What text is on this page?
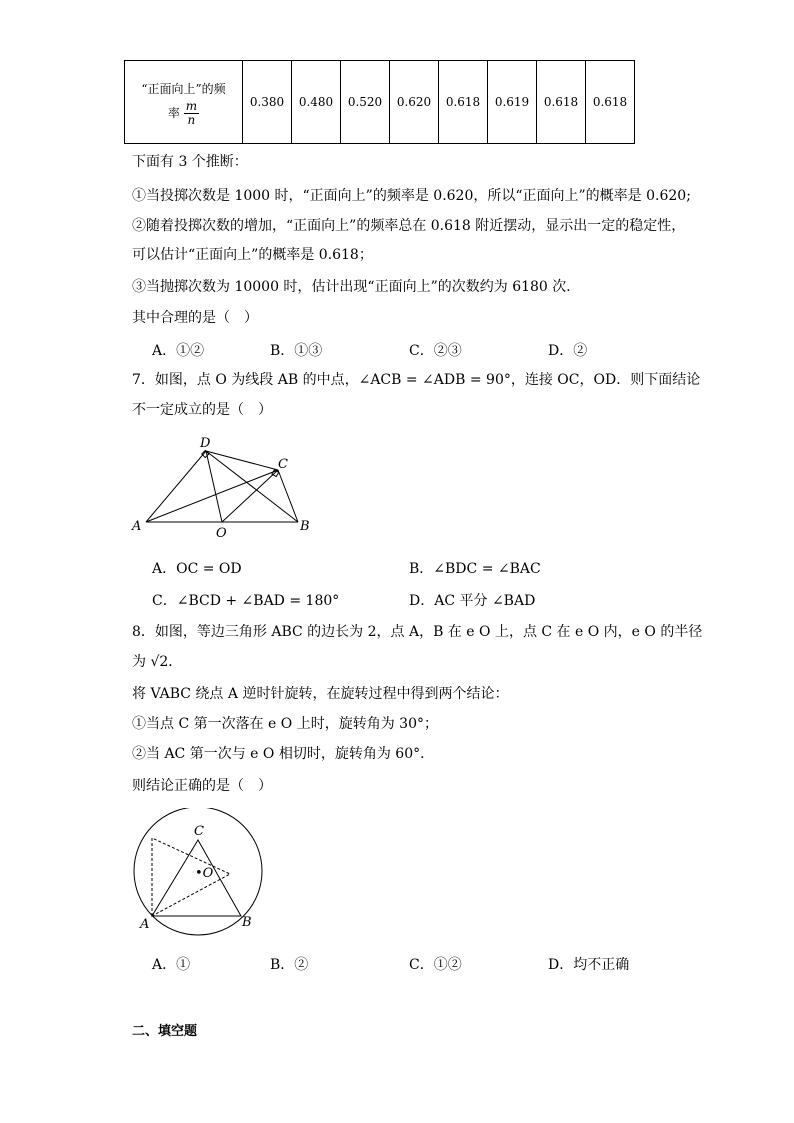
“正面向上”的频
率 $\frac{m}{n}$	0.380	0.480	0.520	0.620	0.618	0.619	0.618	0.618
下面有 3 个推断：
①当投掷次数是 1000 时，“正面向上”的频率是 0.620，所以“正面向上”的概率是 0.620;
②随着投掷次数的增加，“正面向上”的频率总在 0.618 附近摆动，显示出一定的稳定性，
可以估计“正面向上”的概率是 0.618；
③当抛掷次数为 10000 时，估计出现“正面向上”的次数约为 6180 次．
其中合理的是（　）
A．①②	B．①③	C．②③	D．②
7．如图，点 O 为线段 AB 的中点，∠ACB = ∠ADB = 90°，连接 OC，OD．则下面结论
不一定成立的是（　）
D
C
A	O	B
A．OC = OD	B．∠BDC = ∠BAC
C．∠BCD + ∠BAD = 180°	D．AC 平分 ∠BAD
8．如图，等边三角形 ABC 的边长为 2，点 A，B 在 e O 上，点 C 在 e O 内，e O 的半径
为 √2．
将 VABC 绕点 A 逆时针旋转，在旋转过程中得到两个结论：
①当点 C 第一次落在 e O 上时，旋转角为 30°；
②当 AC 第一次与 e O 相切时，旋转角为 60°．
则结论正确的是（　）
C
•O
A	B
A．①	B．②	C．①②	D．均不正确
二、填空题
